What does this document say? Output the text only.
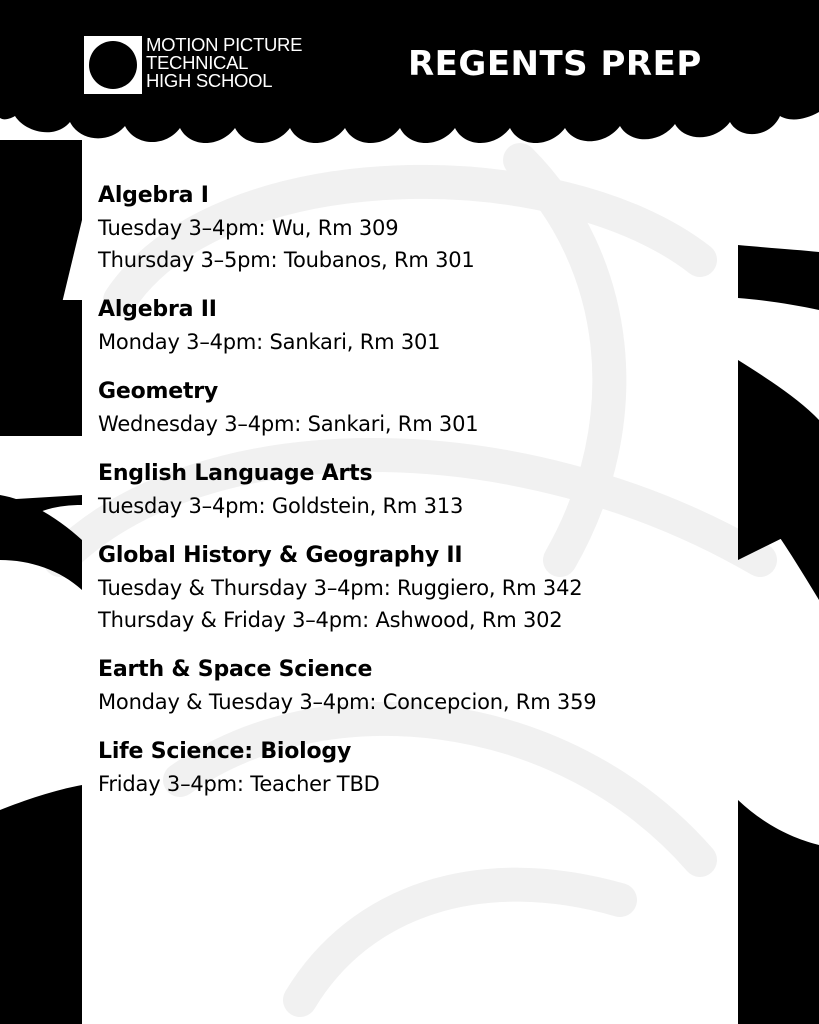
MOTION PICTURE
TECHNICAL
HIGH SCHOOL	REGENTS PREP
Algebra I
Tuesday 3–4pm: Wu, Rm 309
Thursday 3–5pm: Toubanos, Rm 301
Algebra II
Monday 3–4pm: Sankari, Rm 301
Geometry
Wednesday 3–4pm: Sankari, Rm 301
English Language Arts
Tuesday 3–4pm: Goldstein, Rm 313
Global History & Geography II
Tuesday & Thursday 3–4pm: Ruggiero, Rm 342
Thursday & Friday 3–4pm: Ashwood, Rm 302
Earth & Space Science
Monday & Tuesday 3–4pm: Concepcion, Rm 359
Life Science: Biology
Friday 3–4pm: Teacher TBD
